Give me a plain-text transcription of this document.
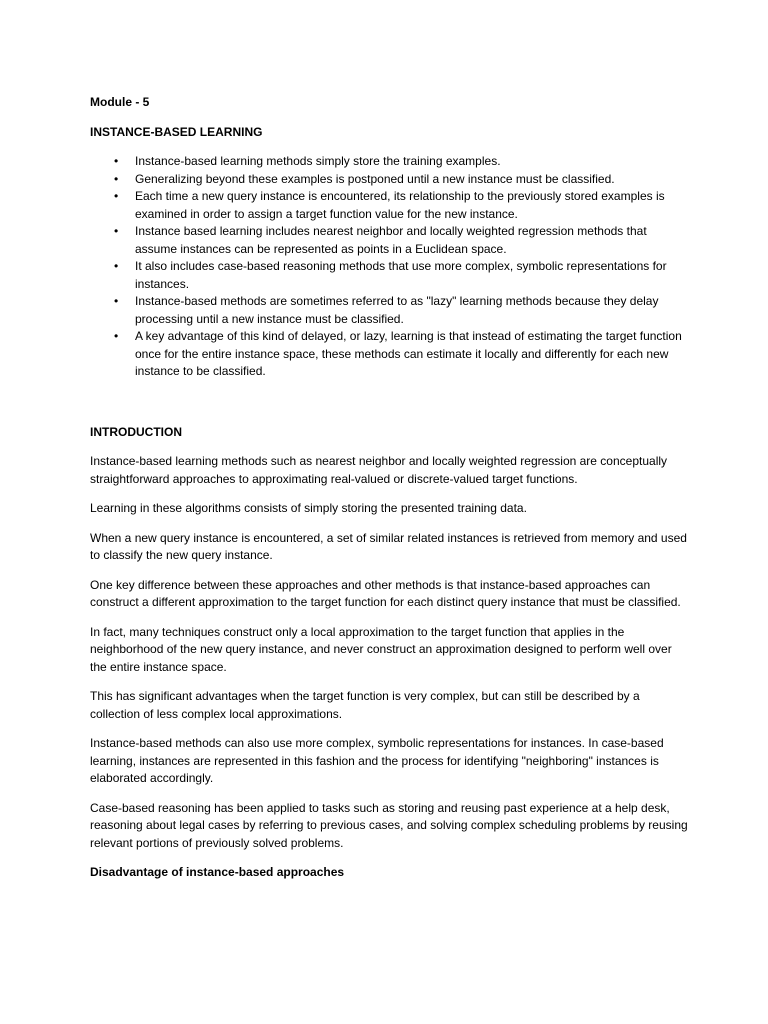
Module - 5
INSTANCE-BASED LEARNING
• Instance-based learning methods simply store the training examples.
• Generalizing beyond these examples is postponed until a new instance must be classified.
• Each time a new query instance is encountered, its relationship to the previously stored examples is examined in order to assign a target function value for the new instance.
• Instance based learning includes nearest neighbor and locally weighted regression methods that assume instances can be represented as points in a Euclidean space.
• It also includes case-based reasoning methods that use more complex, symbolic representations for instances.
• Instance-based methods are sometimes referred to as "lazy" learning methods because they delay processing until a new instance must be classified.
• A key advantage of this kind of delayed, or lazy, learning is that instead of estimating the target function once for the entire instance space, these methods can estimate it locally and differently for each new instance to be classified.
INTRODUCTION

Instance-based learning methods such as nearest neighbor and locally weighted regression are conceptually straightforward approaches to approximating real-valued or discrete-valued target functions.

Learning in these algorithms consists of simply storing the presented training data.

When a new query instance is encountered, a set of similar related instances is retrieved from memory and used to classify the new query instance.

One key difference between these approaches and other methods is that instance-based approaches can construct a different approximation to the target function for each distinct query instance that must be classified.

In fact, many techniques construct only a local approximation to the target function that applies in the neighborhood of the new query instance, and never construct an approximation designed to perform well over the entire instance space.

This has significant advantages when the target function is very complex, but can still be described by a collection of less complex local approximations.

Instance-based methods can also use more complex, symbolic representations for instances. In case-based learning, instances are represented in this fashion and the process for identifying "neighboring" instances is elaborated accordingly.

Case-based reasoning has been applied to tasks such as storing and reusing past experience at a help desk, reasoning about legal cases by referring to previous cases, and solving complex scheduling problems by reusing relevant portions of previously solved problems.

Disadvantage of instance-based approaches
